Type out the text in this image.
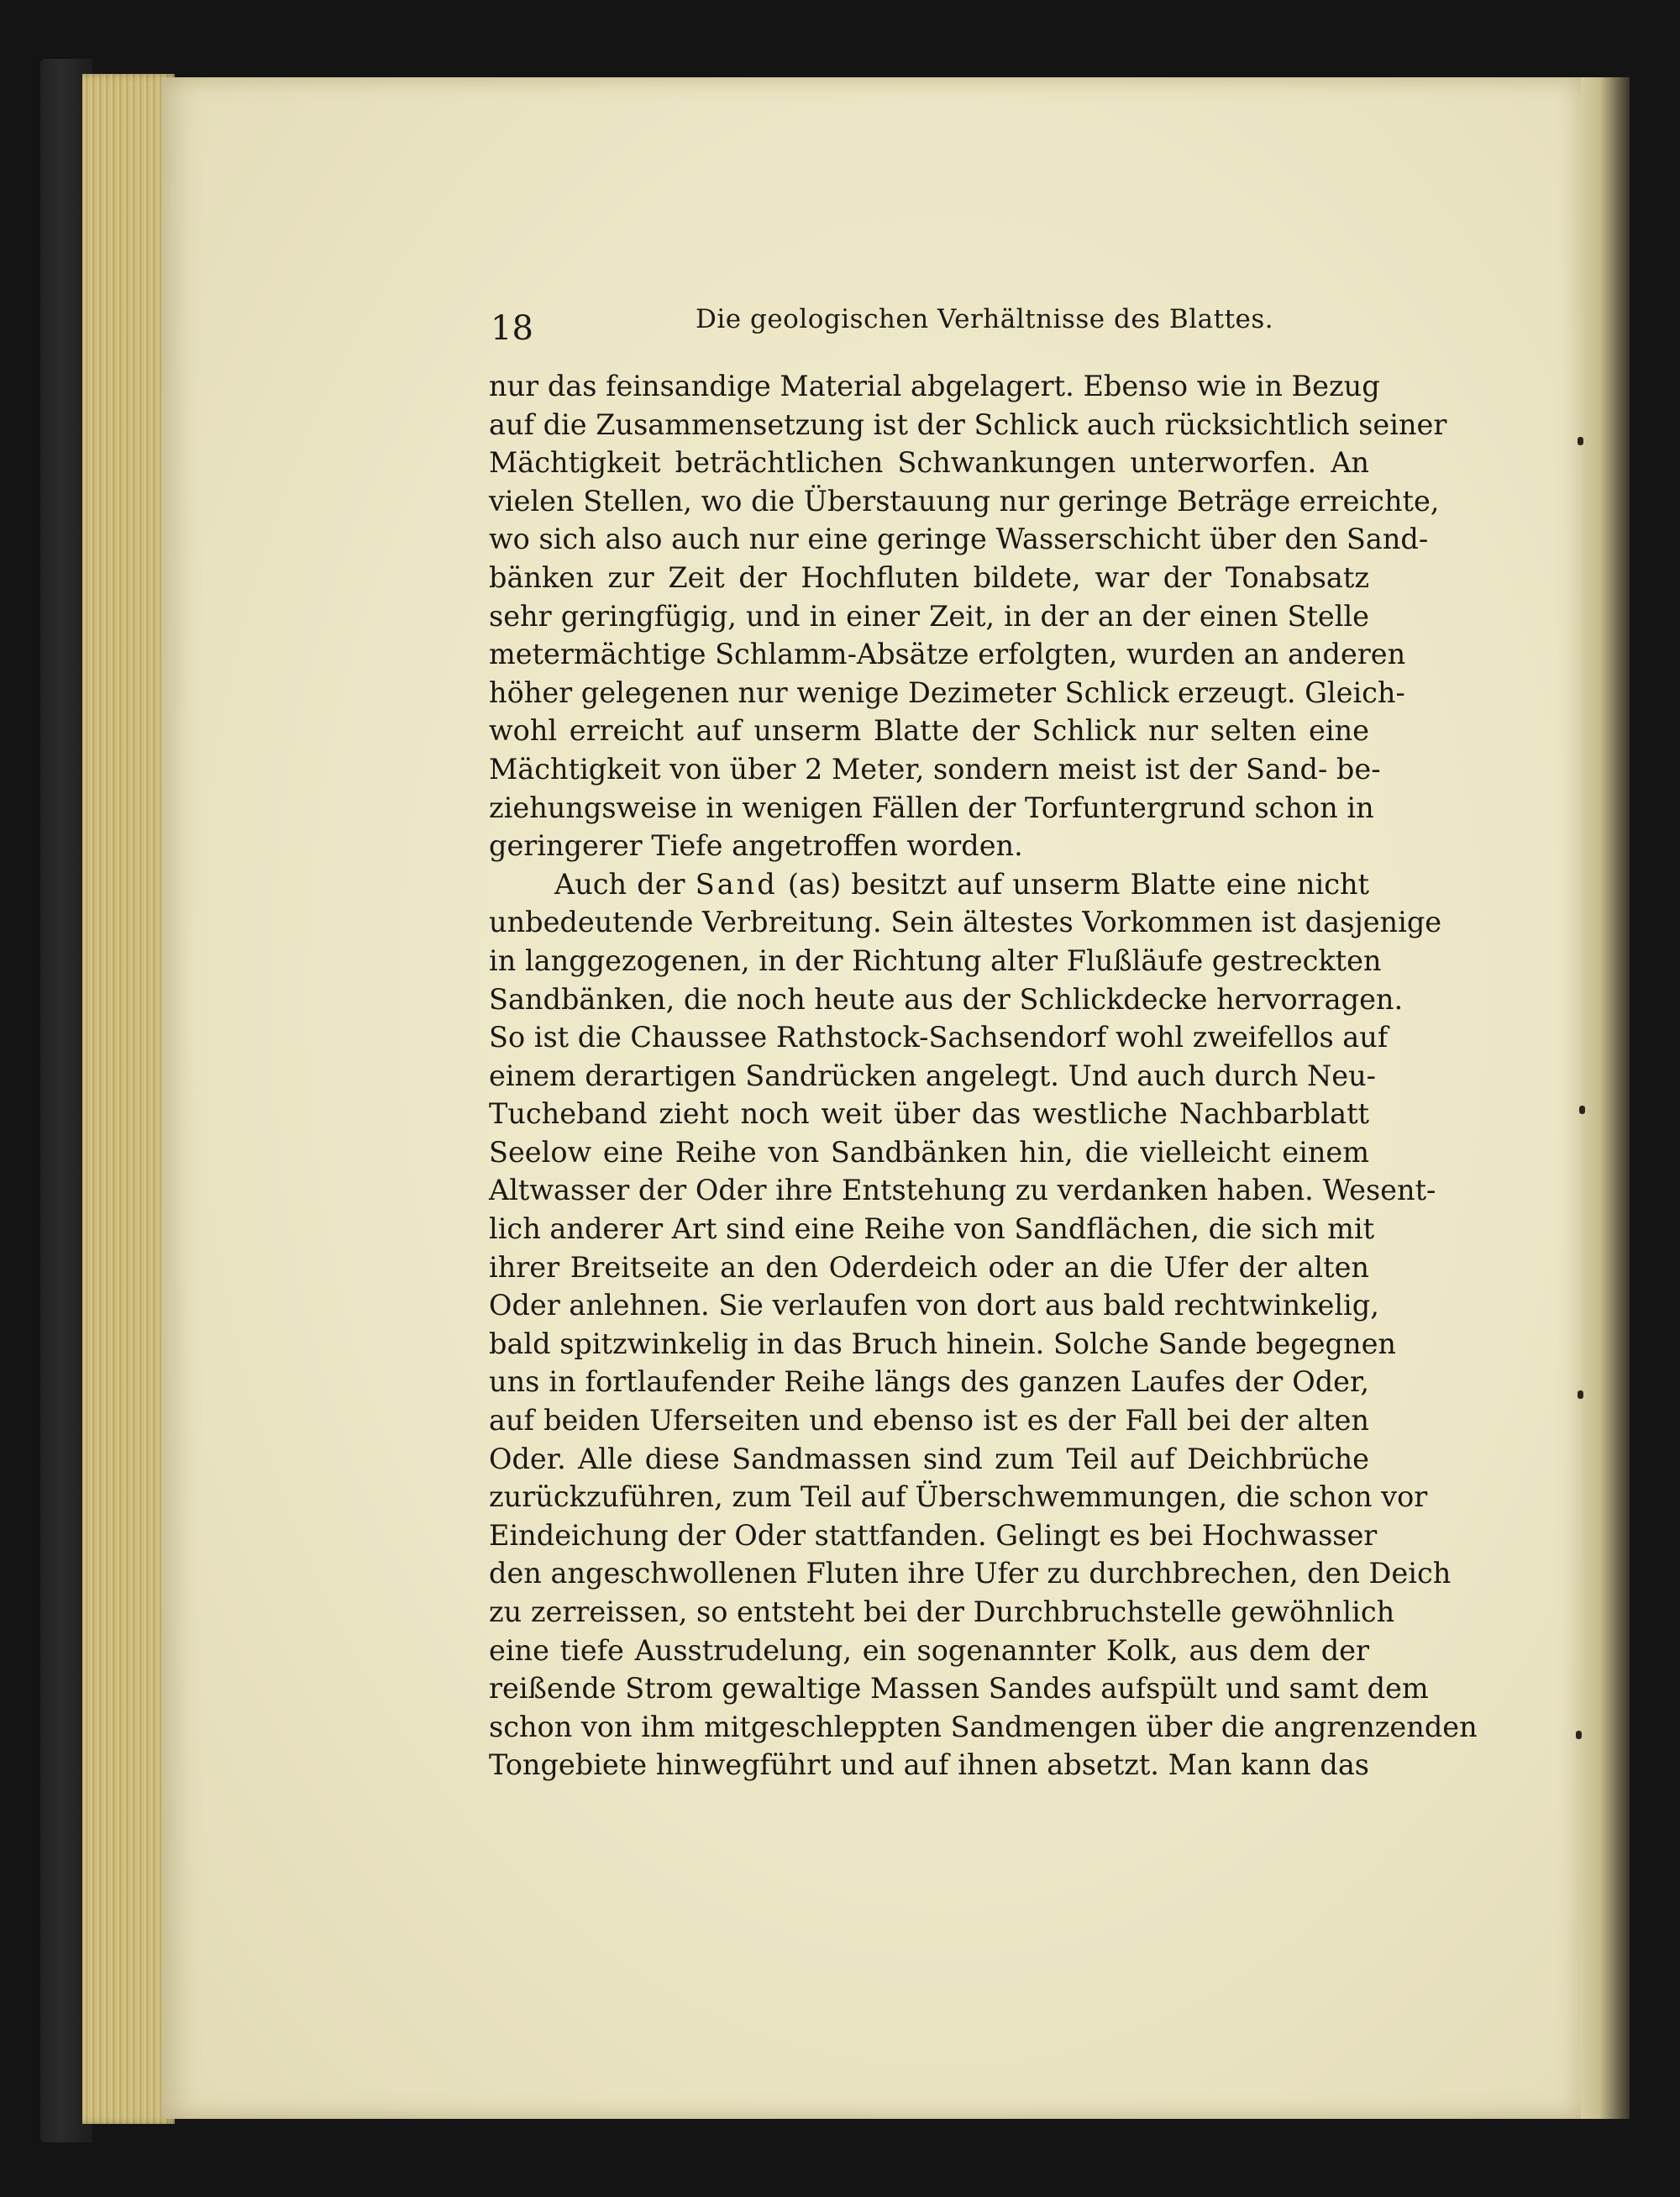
18	Die geologischen Verhältnisse des Blattes.
nur das feinsandige Material abgelagert. Ebenso wie in Bezug
auf die Zusammensetzung ist der Schlick auch rücksichtlich seiner
Mächtigkeit beträchtlichen Schwankungen unterworfen. An
vielen Stellen, wo die Überstauung nur geringe Beträge erreichte,
wo sich also auch nur eine geringe Wasserschicht über den Sand-
bänken zur Zeit der Hochfluten bildete, war der Tonabsatz
sehr geringfügig, und in einer Zeit, in der an der einen Stelle
metermächtige Schlamm-Absätze erfolgten, wurden an anderen
höher gelegenen nur wenige Dezimeter Schlick erzeugt. Gleich-
wohl erreicht auf unserm Blatte der Schlick nur selten eine
Mächtigkeit von über 2 Meter, sondern meist ist der Sand- be-
ziehungsweise in wenigen Fällen der Torfuntergrund schon in
geringerer Tiefe angetroffen worden.
Auch der Sand (as) besitzt auf unserm Blatte eine nicht
unbedeutende Verbreitung. Sein ältestes Vorkommen ist dasjenige
in langgezogenen, in der Richtung alter Flußläufe gestreckten
Sandbänken, die noch heute aus der Schlickdecke hervorragen.
So ist die Chaussee Rathstock-Sachsendorf wohl zweifellos auf
einem derartigen Sandrücken angelegt. Und auch durch Neu-
Tucheband zieht noch weit über das westliche Nachbarblatt
Seelow eine Reihe von Sandbänken hin, die vielleicht einem
Altwasser der Oder ihre Entstehung zu verdanken haben. Wesent-
lich anderer Art sind eine Reihe von Sandflächen, die sich mit
ihrer Breitseite an den Oderdeich oder an die Ufer der alten
Oder anlehnen. Sie verlaufen von dort aus bald rechtwinkelig,
bald spitzwinkelig in das Bruch hinein. Solche Sande begegnen
uns in fortlaufender Reihe längs des ganzen Laufes der Oder,
auf beiden Uferseiten und ebenso ist es der Fall bei der alten
Oder. Alle diese Sandmassen sind zum Teil auf Deichbrüche
zurückzuführen, zum Teil auf Überschwemmungen, die schon vor
Eindeichung der Oder stattfanden. Gelingt es bei Hochwasser
den angeschwollenen Fluten ihre Ufer zu durchbrechen, den Deich
zu zerreissen, so entsteht bei der Durchbruchstelle gewöhnlich
eine tiefe Ausstrudelung, ein sogenannter Kolk, aus dem der
reißende Strom gewaltige Massen Sandes aufspült und samt dem
schon von ihm mitgeschleppten Sandmengen über die angrenzenden
Tongebiete hinwegführt und auf ihnen absetzt. Man kann das
